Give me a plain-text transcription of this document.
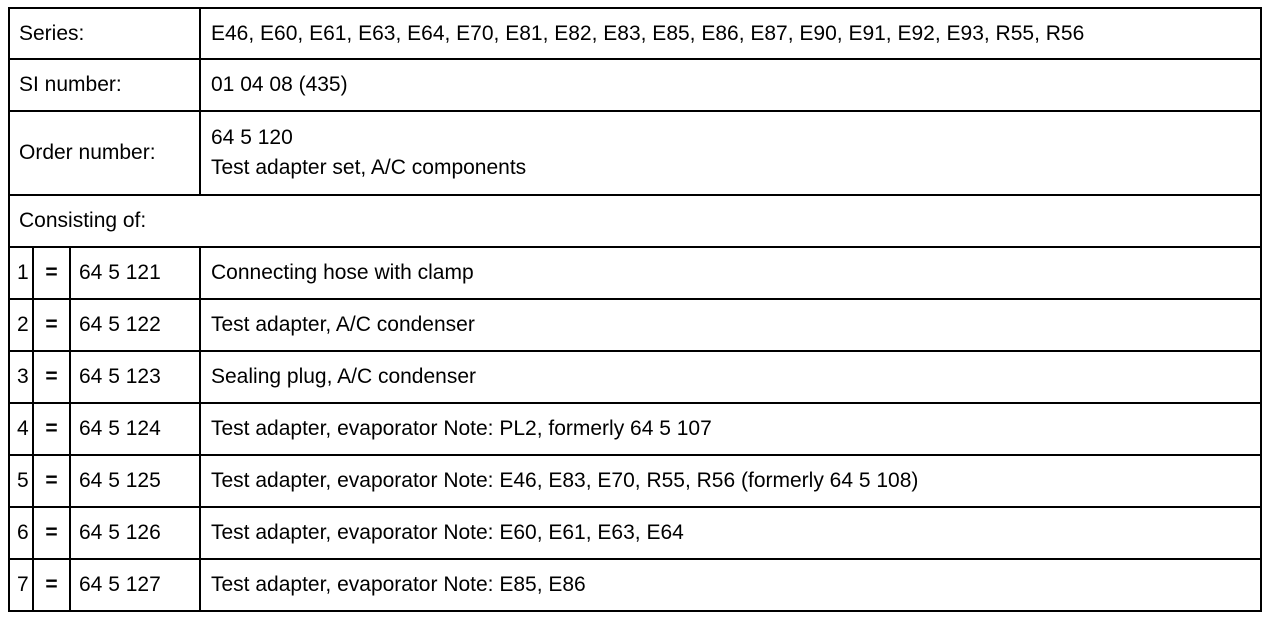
Series:			E46, E60, E61, E63, E64, E70, E81, E82, E83, E85, E86, E87, E90, E91, E92, E93, R55, R56
SI number:			01 04 08 (435)
Order number:			64 5 120
Test adapter set, A/C components

Consisting of:			
1	=	64 5 121	Connecting hose with clamp
2	=	64 5 122	Test adapter, A/C condenser
3	=	64 5 123	Sealing plug, A/C condenser
4	=	64 5 124	Test adapter, evaporator Note: PL2, formerly 64 5 107
5	=	64 5 125	Test adapter, evaporator Note: E46, E83, E70, R55, R56 (formerly 64 5 108)
6	=	64 5 126	Test adapter, evaporator Note: E60, E61, E63, E64
7	=	64 5 127	Test adapter, evaporator Note: E85, E86
